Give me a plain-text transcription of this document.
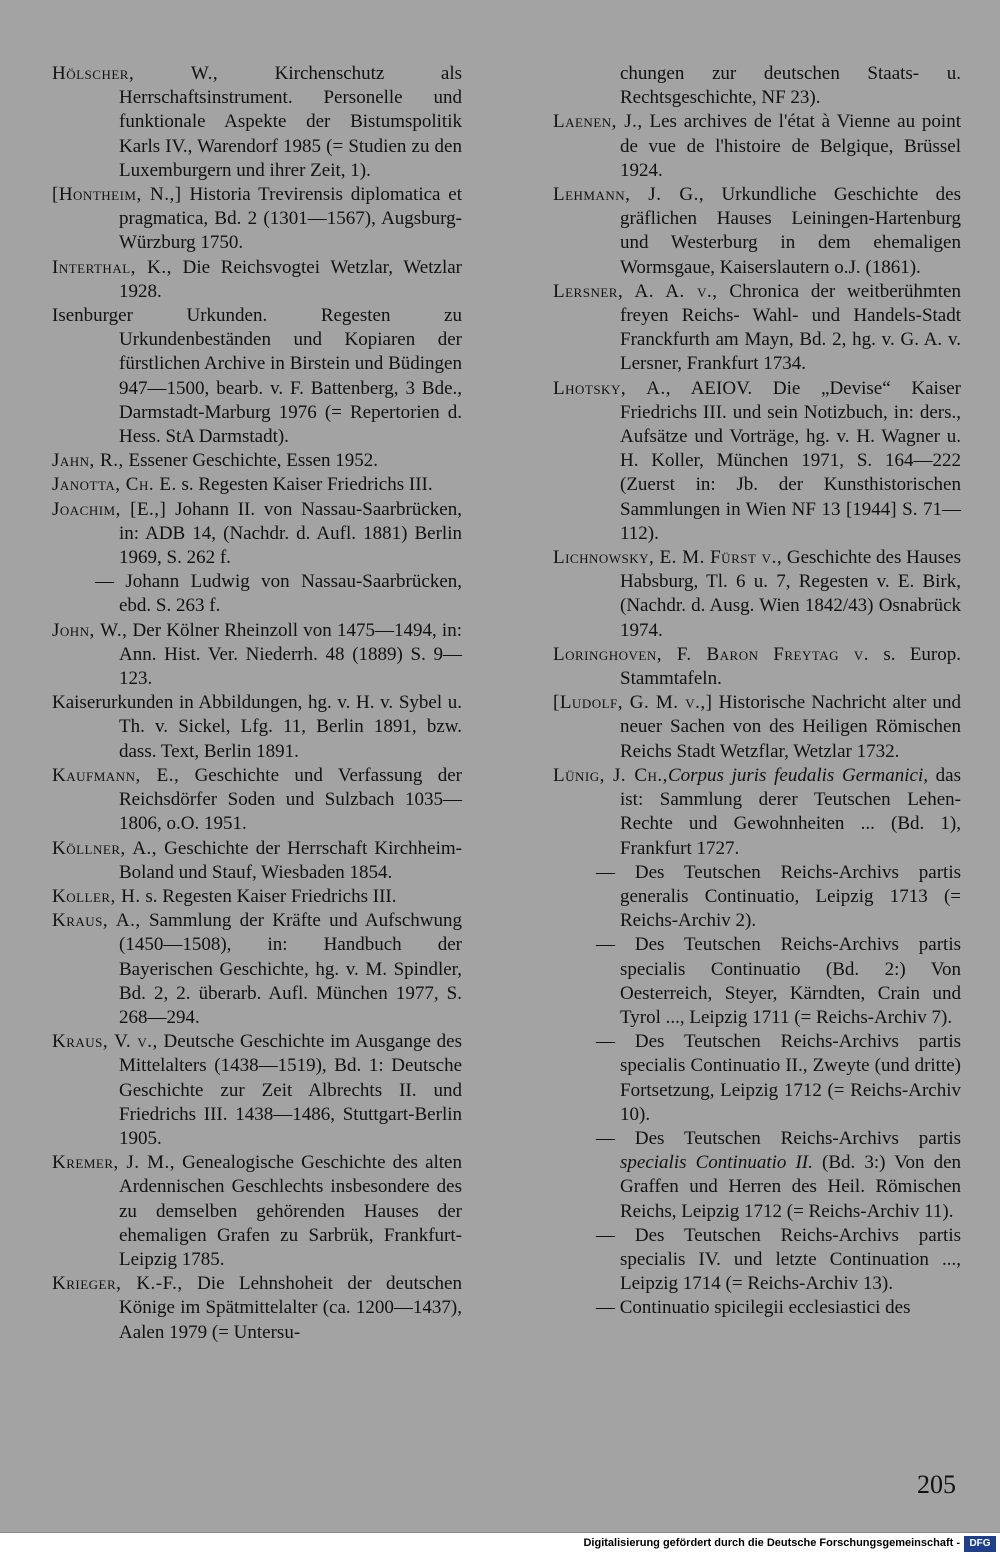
Hölscher, W., Kirchenschutz als Herrschaftsinstrument. Personelle und funktionale Aspekte der Bistumspolitik Karls IV., Warendorf 1985 (= Studien zu den Luxemburgern und ihrer Zeit, 1).

[Hontheim, N.,] Historia Trevirensis diplomatica et pragmatica, Bd. 2 (1301—1567), Augsburg-Würzburg 1750.

Interthal, K., Die Reichsvogtei Wetzlar, Wetzlar 1928.

Isenburger Urkunden. Regesten zu Urkundenbeständen und Kopiaren der fürstlichen Archive in Birstein und Büdingen 947—1500, bearb. v. F. Battenberg, 3 Bde., Darmstadt-Marburg 1976 (= Repertorien d. Hess. StA Darmstadt).

Jahn, R., Essener Geschichte, Essen 1952.

Janotta, Ch. E. s. Regesten Kaiser Friedrichs III.

Joachim, [E.,] Johann II. von Nassau-Saarbrücken, in: ADB 14, (Nachdr. d. Aufl. 1881) Berlin 1969, S. 262 f.

— Johann Ludwig von Nassau-Saarbrücken, ebd. S. 263 f.

John, W., Der Kölner Rheinzoll von 1475—1494, in: Ann. Hist. Ver. Niederrh. 48 (1889) S. 9—123.

Kaiserurkunden in Abbildungen, hg. v. H. v. Sybel u. Th. v. Sickel, Lfg. 11, Berlin 1891, bzw. dass. Text, Berlin 1891.

Kaufmann, E., Geschichte und Verfassung der Reichsdörfer Soden und Sulzbach 1035—1806, o.O. 1951.

Köllner, A., Geschichte der Herrschaft Kirchheim-Boland und Stauf, Wiesbaden 1854.

Koller, H. s. Regesten Kaiser Friedrichs III.

Kraus, A., Sammlung der Kräfte und Aufschwung (1450—1508), in: Handbuch der Bayerischen Geschichte, hg. v. M. Spindler, Bd. 2, 2. überarb. Aufl. München 1977, S. 268—294.

Kraus, V. v., Deutsche Geschichte im Ausgange des Mittelalters (1438—1519), Bd. 1: Deutsche Geschichte zur Zeit Albrechts II. und Friedrichs III. 1438—1486, Stuttgart-Berlin 1905.

Kremer, J. M., Genealogische Geschichte des alten Ardennischen Geschlechts insbesondere des zu demselben gehörenden Hauses der ehemaligen Grafen zu Sarbrük, Frankfurt-Leipzig 1785.

Krieger, K.-F., Die Lehnshoheit der deutschen Könige im Spätmittelalter (ca. 1200—1437), Aalen 1979 (= Untersu-

chungen zur deutschen Staats- u. Rechtsgeschichte, NF 23).

Laenen, J., Les archives de l'état à Vienne au point de vue de l'histoire de Belgique, Brüssel 1924.

Lehmann, J. G., Urkundliche Geschichte des gräflichen Hauses Leiningen-Hartenburg und Westerburg in dem ehemaligen Wormsgaue, Kaiserslautern o.J. (1861).

Lersner, A. A. v., Chronica der weitberühmten freyen Reichs- Wahl- und Handels-Stadt Franckfurth am Mayn, Bd. 2, hg. v. G. A. v. Lersner, Frankfurt 1734.

Lhotsky, A., AEIOV. Die „Devise“ Kaiser Friedrichs III. und sein Notizbuch, in: ders., Aufsätze und Vorträge, hg. v. H. Wagner u. H. Koller, München 1971, S. 164—222 (Zuerst in: Jb. der Kunsthistorischen Sammlungen in Wien NF 13 [1944] S. 71—112).

Lichnowsky, E. M. Fürst v., Geschichte des Hauses Habsburg, Tl. 6 u. 7, Regesten v. E. Birk, (Nachdr. d. Ausg. Wien 1842/43) Osnabrück 1974.

Loringhoven, F. Baron Freytag v. s. Europ. Stammtafeln.

[Ludolf, G. M. v.,] Historische Nachricht alter und neuer Sachen von des Heiligen Römischen Reichs Stadt Wetzflar, Wetzlar 1732.

Lünig, J. Ch.,Corpus juris feudalis Germanici, das ist: Sammlung derer Teutschen Lehen-Rechte und Gewohnheiten ... (Bd. 1), Frankfurt 1727.

— Des Teutschen Reichs-Archivs partis generalis Continuatio, Leipzig 1713 (= Reichs-Archiv 2).

— Des Teutschen Reichs-Archivs partis specialis Continuatio (Bd. 2:) Von Oesterreich, Steyer, Kärndten, Crain und Tyrol ..., Leipzig 1711 (= Reichs-Archiv 7).

— Des Teutschen Reichs-Archivs partis specialis Continuatio II., Zweyte (und dritte) Fortsetzung, Leipzig 1712 (= Reichs-Archiv 10).

— Des Teutschen Reichs-Archivs partis specialis Continuatio II. (Bd. 3:) Von den Graffen und Herren des Heil. Römischen Reichs, Leipzig 1712 (= Reichs-Archiv 11).

— Des Teutschen Reichs-Archivs partis specialis IV. und letzte Continuation ..., Leipzig 1714 (= Reichs-Archiv 13).

— Continuatio spicilegii ecclesiastici des

205
Digitalisierung gefördert durch die Deutsche Forschungsgemeinschaft - DFG
